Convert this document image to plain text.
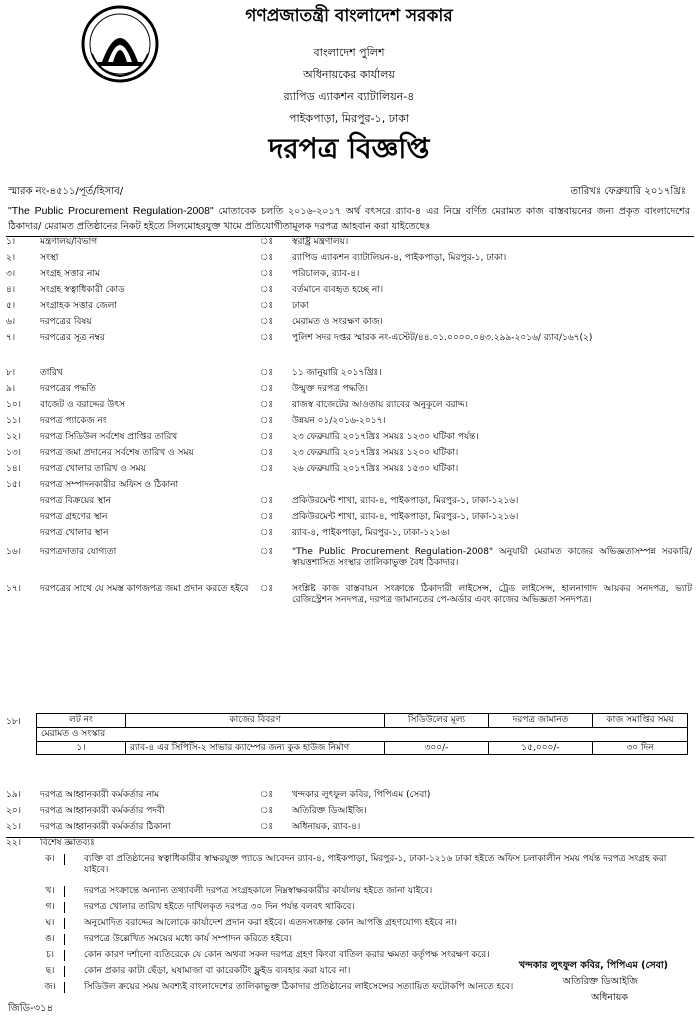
গণপ্রজাতন্ত্রী বাংলাদেশ সরকার
বাংলাদেশ পুলিশ
অধিনায়কের কার্যালয়
র‍্যাপিড এ্যাকশন ব্যাটালিয়ন-৪
পাইকপাড়া, মিরপুর-১, ঢাকা
দরপত্র বিজ্ঞপ্তি
স্মারক নং-৪৫১১/পূর্ত/হিসাব/	তারিখঃ ফেব্রুয়ারি ২০১৭খ্রিঃ
"The Public Procurement Regulation-2008" মোতাবেক চলতি ২০১৬-২০১৭ অর্থ বৎসরে র‍্যাব-৪ এর নিম্নে বর্ণিত মেরামত কাজ বাস্তবায়নের জন্য প্রকৃত বাংলাদেশের ঠিকাদার/ মেরামত প্রতিষ্ঠানের নিকট হইতে সিলমোহরযুক্ত খামে প্রতিযোগীতামূলক দরপত্র আহবান করা যাইতেছেঃ
১।	মন্ত্রণালয়/বিভাগ	ঃ স্বরাষ্ট্র মন্ত্রণালয়।
২।	সংস্থা	ঃ র‍্যাপিড এ্যাকশন ব্যাটালিয়ন-৪, পাইকপাড়া, মিরপুর-১, ঢাকা।
৩।	সংগ্রহ সত্তার নাম	ঃ পরিচালক, র‍্যাব-৪।
৪।	সংগ্রহ স্বত্বাধিকারী কোড	ঃ বর্তমানে ব্যবহৃত হচ্ছে না।
৫।	সংগ্রাহক সত্তার জেলা	ঃ ঢাকা
৬।	দরপত্রের বিষয়	ঃ মেরামত ও সংরক্ষণ কাজ।
৭।	দরপত্রের সূত্র নম্বর	ঃ পুলিশ সদর দপ্তর স্মারক নং-এস্টেট/৪৪.০১.০০০০.০৪৩.২৯৯-২০১৬/ র‍্যাব/১৬৭(২)
৮।	তারিখ	ঃ ১১ জানুয়ারি ২০১৭খ্রিঃ।
৯।	দরপত্রের পদ্ধতি	ঃ উন্মুক্ত দরপত্র পদ্ধতি।
১০।	বাজেট ও বরাদ্দের উৎস	ঃ রাজস্ব বাজেটের আওতায় র‍্যাবের অনুকূলে বরাদ্দ।
১১।	দরপত্র প্যাকেজ নং	ঃ উন্নয়ন ০১/২০১৬-২০১৭।
১২।	দরপত্র সিডিউল সর্বশেষ প্রাপ্তির তারিখ	ঃ ২৩ ফেব্রুয়ারি ২০১৭খ্রিঃ সময়ঃ ১২৩০ ঘটিকা পর্যন্ত।
১৩।	দরপত্র জমা প্রদানের সর্বশেষ তারিখ ও সময়	ঃ ২৩ ফেব্রুয়ারি ২০১৭খ্রিঃ সময়ঃ ১২০০ ঘটিকা।
১৪।	দরপত্র খোলার তারিখ ও সময়	ঃ ২৬ ফেব্রুয়ারি ২০১৭খ্রিঃ সময়ঃ ১৫৩০ ঘটিকা।
১৫।	দরপত্র সম্পাদনকারীর অফিস ও ঠিকানা
দরপত্র বিক্রয়ের স্থান	ঃ প্রকিউরমেন্ট শাখা, র‍্যাব-৪, পাইকপাড়া, মিরপুর-১, ঢাকা-১২১৬।
দরপত্র গ্রহণের স্থান	ঃ প্রকিউরমেন্ট শাখা, র‍্যাব-৪, পাইকপাড়া, মিরপুর-১, ঢাকা-১২১৬।
দরপত্র খোলার স্থান	ঃ র‍্যাব-৪, পাইকপাড়া, মিরপুর-১, ঢাকা-১২১৬।
১৬।	দরপত্রদাতার যোগ্যতা	ঃ "The Public Procurement Regulation-2008" অনুযায়ী মেরামত কাজের অভিজ্ঞতাসম্পন্ন সরকারি/স্বায়ত্তশাসিত সংস্থার তালিকাভুক্ত বৈধ ঠিকাদার।
১৭।	দরপত্রের সাথে যে সমস্ত কাগজপত্র জমা প্রদান করতে হইবে	ঃ সংশ্লিষ্ট কাজ বাস্তবায়ন সংক্রান্তে ঠিকাদারী লাইসেন্স, ট্রেড লাইসেন্স, হালনাগাদ আয়কর সনদপত্র, ভ্যাট রেজিস্ট্রেশন সনদপত্র, দরপত্র জামানতের পে-অর্ডার এবং কাজের অভিজ্ঞতা সনদপত্র।
১৮।	লট নং	কাজের বিবরণ	সিডিউলের মূল্য	দরপত্র জামানত	কাজ সমাপ্তির সময়
মেরামত ও সংস্কার				
১।	র‍্যাব-৪ এর সিপিসি-২ সাভার ক্যাম্পের জন্য কুক হাউজ নির্মাণ	৩০০/-	১৫,০০০/-	৩০ দিন
১৯।	দরপত্র আহ্বানকারী কর্মকর্তার নাম	ঃ খন্দকার লুৎফুল কবির, পিপিএম (সেবা)
২০।	দরপত্র আহ্বানকারী কর্মকর্তার পদবী	ঃ অতিরিক্ত ডিআইজি।
২১।	দরপত্র আহ্বানকারী কর্মকর্তার ঠিকানা	ঃ অধিনায়ক, র‍্যাব-৪।
২২।	বিশেষ জ্ঞাতব্যঃ
ক।	ব্যক্তি বা প্রতিষ্ঠানের স্বত্বাধিকারীর স্বাক্ষরযুক্ত প্যাডে আবেদন র‍্যাব-৪, পাইকপাড়া, মিরপুর-১, ঢাকা-১২১৬ ঢাকা হইতে অফিস চলাকালীন সময় পর্যন্ত দরপত্র সংগ্রহ করা যাইবে।
খ।	দরপত্র সংক্রান্তে অন্যান্য তথ্যাবলী দরপত্র সংগ্রহকালে নিম্নস্বাক্ষরকারীর কার্যালয় হইতে জানা যাইবে।
গ।	দরপত্র খোলার তারিখ হইতে দাখিলকৃত দরপত্র ৩০ দিন পর্যন্ত বলবৎ থাকিবে।
ঘ।	অনুমোদিত বরাদ্দের আলোকে কার্যাদেশ প্রদান করা হইবে। এতদসংক্রান্ত কোন আপত্তি গ্রহণযোগ্য হইবে না।
ঙ।	দরপত্রে উল্লেখিত সময়ের মধ্যে কার্য সম্পাদন করিতে হইবে।
চ।	কোন কারণ দর্শানো ব্যতিরেকে যে কোন অথবা সকল দরপত্র গ্রহণ কিংবা বাতিল করার ক্ষমতা কর্তৃপক্ষ সংরক্ষণ করে।
ছ।	কোন প্রকার কাটা ছেঁড়া, ঘষামাজা বা কারেকটিং ফ্লুইড ব্যবহার করা যাবে না।
জ।	সিডিউল ক্রয়ের সময় অবশ্যই বাংলাদেশের তালিকাভুক্ত ঠিকাদার প্রতিষ্ঠানের লাইসেন্সের সত্যায়িত ফটোকপি আনতে হবে।
খন্দকার লুৎফুল কবির, পিপিএম (সেবা)
অতিরিক্ত ডিআইজি
অধিনায়ক
জিডি-৩১৪
